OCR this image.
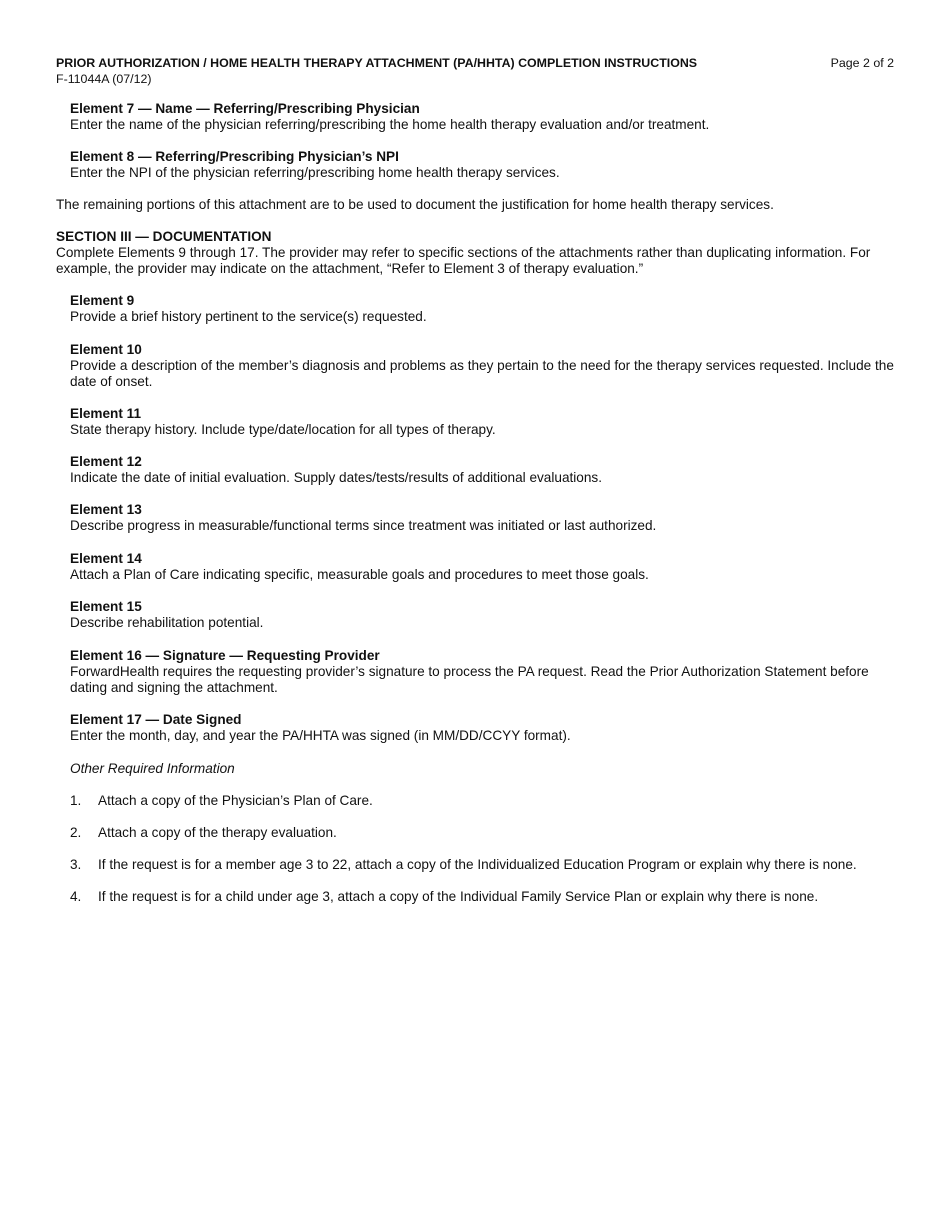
PRIOR AUTHORIZATION / HOME HEALTH THERAPY ATTACHMENT (PA/HHTA) COMPLETION INSTRUCTIONS	Page 2 of 2
F-11044A (07/12)
Element 7 — Name — Referring/Prescribing Physician
Enter the name of the physician referring/prescribing the home health therapy evaluation and/or treatment.
Element 8 — Referring/Prescribing Physician’s NPI
Enter the NPI of the physician referring/prescribing home health therapy services.
The remaining portions of this attachment are to be used to document the justification for home health therapy services.
SECTION III — DOCUMENTATION
Complete Elements 9 through 17. The provider may refer to specific sections of the attachments rather than duplicating information. For example, the provider may indicate on the attachment, “Refer to Element 3 of therapy evaluation.”
Element 9
Provide a brief history pertinent to the service(s) requested.
Element 10
Provide a description of the member’s diagnosis and problems as they pertain to the need for the therapy services requested. Include the date of onset.
Element 11
State therapy history. Include type/date/location for all types of therapy.
Element 12
Indicate the date of initial evaluation. Supply dates/tests/results of additional evaluations.
Element 13
Describe progress in measurable/functional terms since treatment was initiated or last authorized.
Element 14
Attach a Plan of Care indicating specific, measurable goals and procedures to meet those goals.
Element 15
Describe rehabilitation potential.
Element 16 — Signature — Requesting Provider
ForwardHealth requires the requesting provider’s signature to process the PA request. Read the Prior Authorization Statement before dating and signing the attachment.
Element 17 — Date Signed
Enter the month, day, and year the PA/HHTA was signed (in MM/DD/CCYY format).
Other Required Information
1. Attach a copy of the Physician’s Plan of Care.
2. Attach a copy of the therapy evaluation.
3. If the request is for a member age 3 to 22, attach a copy of the Individualized Education Program or explain why there is none.
4. If the request is for a child under age 3, attach a copy of the Individual Family Service Plan or explain why there is none.
